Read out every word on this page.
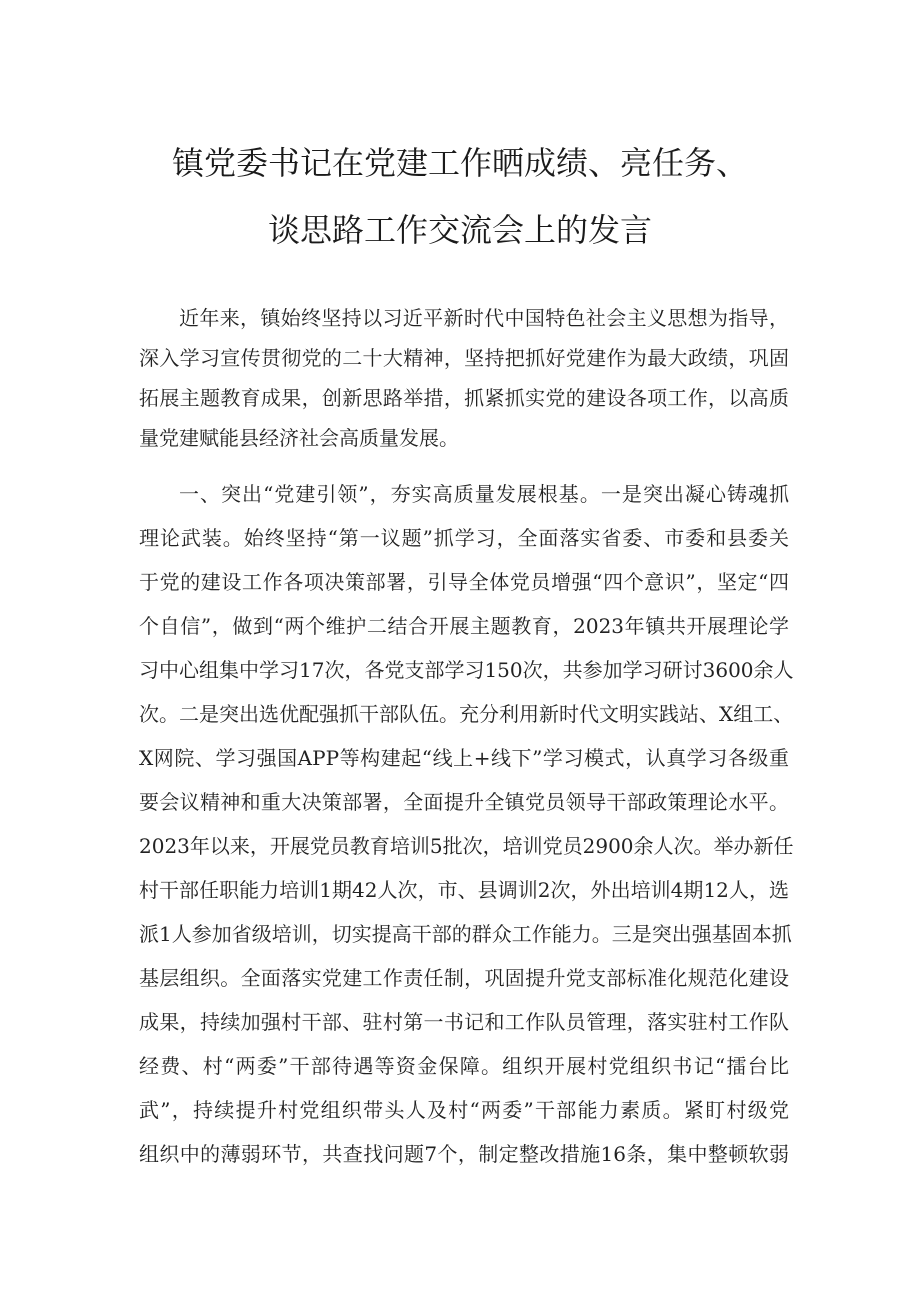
镇党委书记在党建工作晒成绩、亮任务、
谈思路工作交流会上的发言
近年来，镇始终坚持以习近平新时代中国特色社会主义思想为指导，
深入学习宣传贯彻党的二十大精神，坚持把抓好党建作为最大政绩，巩固
拓展主题教育成果，创新思路举措，抓紧抓实党的建设各项工作，以高质
量党建赋能县经济社会高质量发展。
一、突出“党建引领”，夯实高质量发展根基。一是突出凝心铸魂抓
理论武装。始终坚持“第一议题”抓学习，全面落实省委、市委和县委关
于党的建设工作各项决策部署，引导全体党员增强“四个意识”，坚定“四
个自信”，做到“两个维护二结合开展主题教育，2023年镇共开展理论学
习中心组集中学习17次，各党支部学习150次，共参加学习研讨3600余人
次。二是突出选优配强抓干部队伍。充分利用新时代文明实践站、X组工、
X网院、学习强国APP等构建起“线上+线下”学习模式，认真学习各级重
要会议精神和重大决策部署，全面提升全镇党员领导干部政策理论水平。
2023年以来，开展党员教育培训5批次，培训党员2900余人次。举办新任
村干部任职能力培训1期42人次，市、县调训2次，外出培训4期12人，选
派1人参加省级培训，切实提高干部的群众工作能力。三是突出强基固本抓
基层组织。全面落实党建工作责任制，巩固提升党支部标准化规范化建设
成果，持续加强村干部、驻村第一书记和工作队员管理，落实驻村工作队
经费、村“两委”干部待遇等资金保障。组织开展村党组织书记“擂台比
武”，持续提升村党组织带头人及村“两委”干部能力素质。紧盯村级党
组织中的薄弱环节，共查找问题7个，制定整改措施16条，集中整顿软弱
